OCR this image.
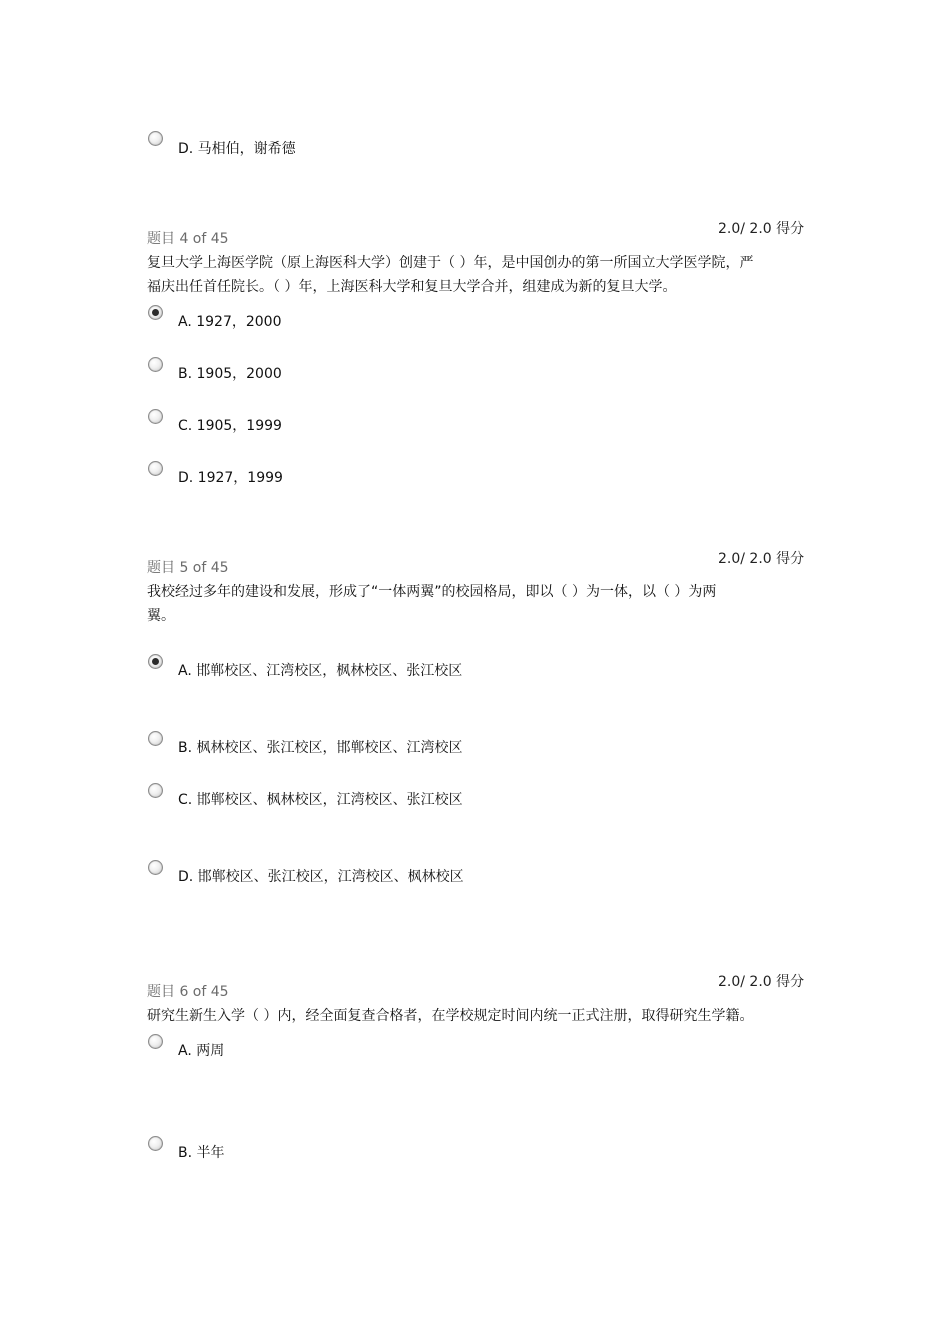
D. 马相伯，谢希德
2.0/ 2.0 得分
题目 4 of 45
复旦大学上海医学院（原上海医科大学）创建于（ ）年，是中国创办的第一所国立大学医学院，严
福庆出任首任院长。（ ）年，上海医科大学和复旦大学合并，组建成为新的复旦大学。
A. 1927，2000
B. 1905，2000
C. 1905，1999
D. 1927，1999
2.0/ 2.0 得分
题目 5 of 45
我校经过多年的建设和发展，形成了“一体两翼”的校园格局，即以（ ）为一体，以（ ）为两
翼。
A. 邯郸校区、江湾校区，枫林校区、张江校区
B. 枫林校区、张江校区，邯郸校区、江湾校区
C. 邯郸校区、枫林校区，江湾校区、张江校区
D. 邯郸校区、张江校区，江湾校区、枫林校区
2.0/ 2.0 得分
题目 6 of 45
研究生新生入学（ ）内，经全面复查合格者，在学校规定时间内统一正式注册，取得研究生学籍。
A. 两周
B. 半年
